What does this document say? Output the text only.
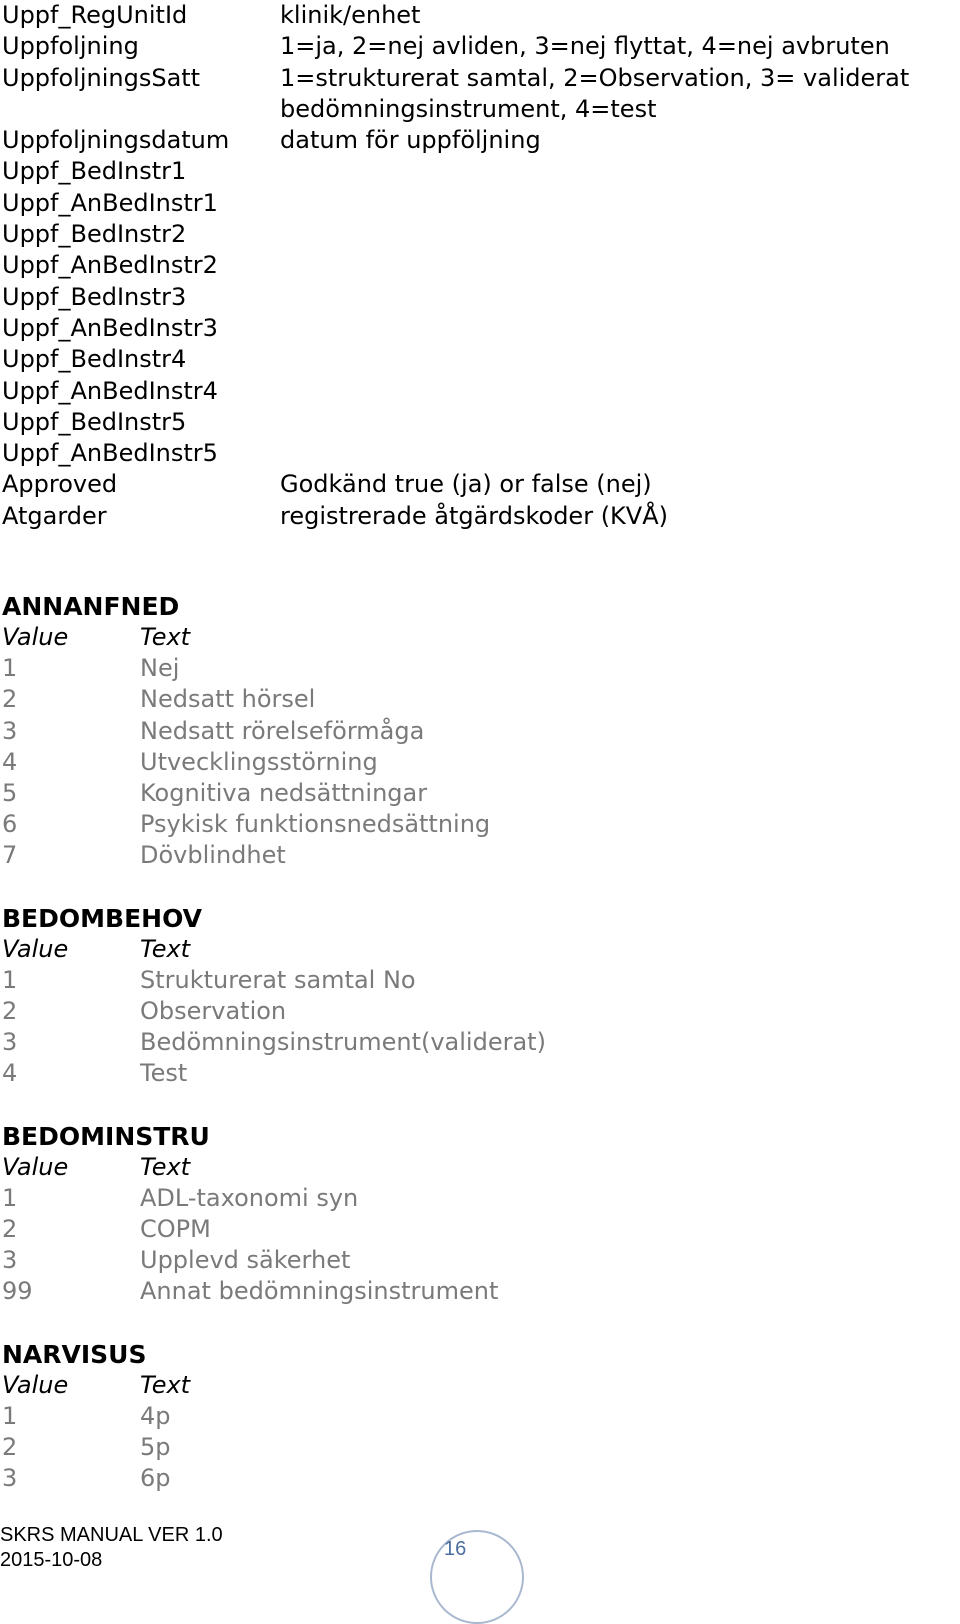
Uppf_RegUnitId	klinik/enhet
Uppfoljning	1=ja, 2=nej avliden, 3=nej flyttat, 4=nej avbruten
UppfoljningsSatt	1=strukturerat samtal, 2=Observation, 3= validerat
bedömningsinstrument, 4=test
Uppfoljningsdatum	datum för uppföljning
Uppf_BedInstr1
Uppf_AnBedInstr1
Uppf_BedInstr2
Uppf_AnBedInstr2
Uppf_BedInstr3
Uppf_AnBedInstr3
Uppf_BedInstr4
Uppf_AnBedInstr4
Uppf_BedInstr5
Uppf_AnBedInstr5
Approved	Godkänd true (ja) or false (nej)
Atgarder	registrerade åtgärdskoder (KVÅ)
ANNANFNED
Value	Text
1	Nej
2	Nedsatt hörsel
3	Nedsatt rörelseförmåga
4	Utvecklingsstörning
5	Kognitiva nedsättningar
6	Psykisk funktionsnedsättning
7	Dövblindhet
BEDOMBEHOV
Value	Text
1	Strukturerat samtal No
2	Observation
3	Bedömningsinstrument(validerat)
4	Test
BEDOMINSTRU
Value	Text
1	ADL-taxonomi syn
2	COPM
3	Upplevd säkerhet
99	Annat bedömningsinstrument
NARVISUS
Value	Text
1	4p
2	5p
3	6p
SKRS MANUAL VER 1.0
2015-10-08	16
